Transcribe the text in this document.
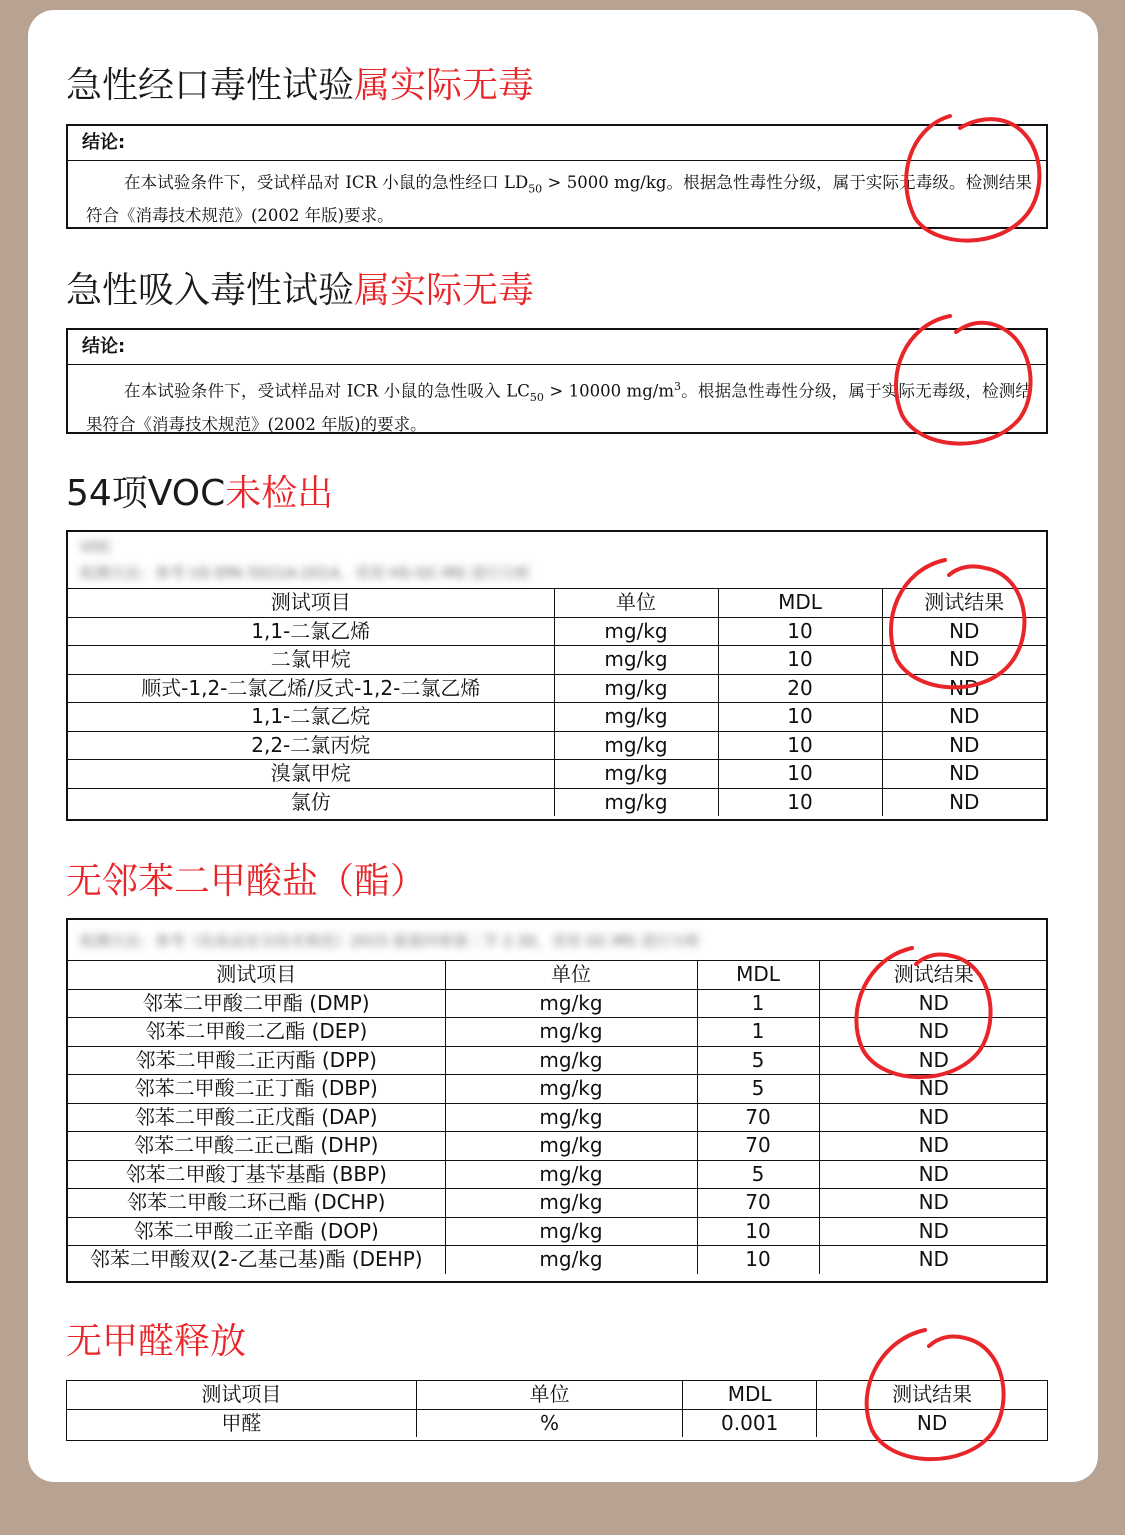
急性经口毒性试验属实际无毒
结论:
在本试验条件下，受试样品对 ICR 小鼠的急性经口 $LD_{50} > 5000$ mg/kg。根据急性毒性分级，属于实际无毒级。检测结果符合《消毒技术规范》(2002 年版)要求。
急性吸入毒性试验属实际无毒
结论:
在本试验条件下，受试样品对 ICR 小鼠的急性吸入 $LC_{50} > 10000$ $mg/m^3$。根据急性毒性分级，属于实际无毒级，检测结果符合《消毒技术规范》(2002 年版)的要求。
54项VOC未检出
VOC
检测方法：参考 US EPA 5021A-2014，采用 HS-GC-MS 进行分析
测试项目	单位	MDL	测试结果
1,1-二氯乙烯	mg/kg	10	ND
二氯甲烷	mg/kg	10	ND
顺式-1,2-二氯乙烯/反式-1,2-二氯乙烯	mg/kg	20	ND
1,1-二氯乙烷	mg/kg	10	ND
2,2-二氯丙烷	mg/kg	10	ND
溴氯甲烷	mg/kg	10	ND
氯仿	mg/kg	10	ND
无邻苯二甲酸盐（酯）
检测方法：参考《化妆品安全技术规范》2015 版第四章第二节 2.30，采用 GC-MS 进行分析
测试项目	单位	MDL	测试结果
邻苯二甲酸二甲酯 (DMP)	mg/kg	1	ND
邻苯二甲酸二乙酯 (DEP)	mg/kg	1	ND
邻苯二甲酸二正丙酯 (DPP)	mg/kg	5	ND
邻苯二甲酸二正丁酯 (DBP)	mg/kg	5	ND
邻苯二甲酸二正戊酯 (DAP)	mg/kg	70	ND
邻苯二甲酸二正己酯 (DHP)	mg/kg	70	ND
邻苯二甲酸丁基苄基酯 (BBP)	mg/kg	5	ND
邻苯二甲酸二环己酯 (DCHP)	mg/kg	70	ND
邻苯二甲酸二正辛酯 (DOP)	mg/kg	10	ND
邻苯二甲酸双(2-乙基己基)酯 (DEHP)	mg/kg	10	ND
无甲醛释放
测试项目	单位	MDL	测试结果
甲醛	%	0.001	ND
